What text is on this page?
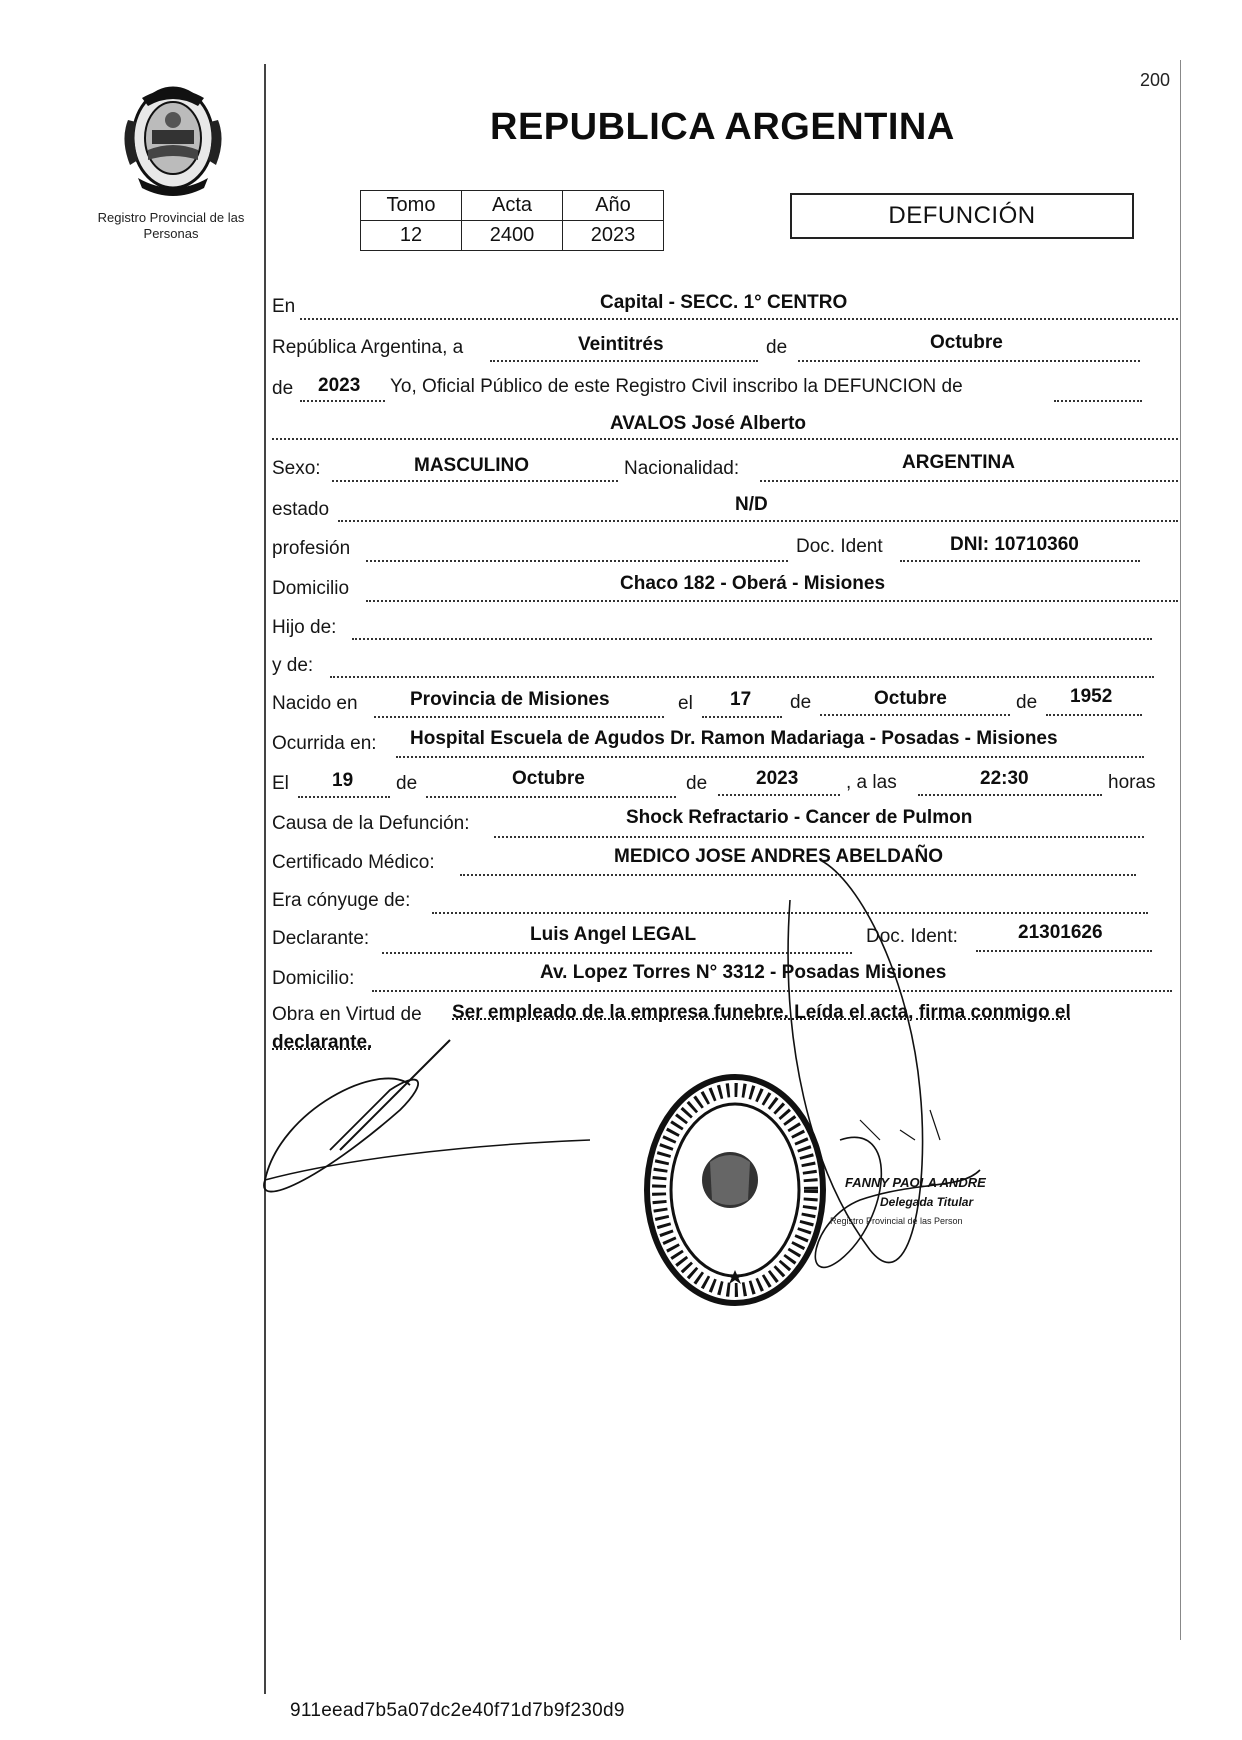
Registro Provincial de las Personas
200
REPUBLICA ARGENTINA
Tomo	Acta	Año
12	2400	2023
DEFUNCIÓN
En	Capital - SECC. 1° CENTRO
República Argentina, a	Veintitrés	de	Octubre
de 2023 Yo, Oficial Público de este Registro Civil inscribo la DEFUNCION de
AVALOS José Alberto
Sexo:	MASCULINO	Nacionalidad:	ARGENTINA
estado	N/D
profesión	Doc. Ident	DNI: 10710360
Domicilio	Chaco 182 - Oberá - Misiones
Hijo de:
y de:
Nacido en	Provincia de Misiones	el 17 de	Octubre	de 1952
Ocurrida en: Hospital Escuela de Agudos Dr. Ramon Madariaga - Posadas - Misiones
El 19 de	Octubre	de	2023	, a las	22:30	horas
Causa de la Defunción:	Shock Refractario - Cancer de Pulmon
Certificado Médico:	MEDICO JOSE ANDRES ABELDAÑO
Era cónyuge de:
Declarante:	Luis Angel LEGAL	Doc. Ident:	21301626
Domicilio:	Av. Lopez Torres N° 3312 - Posadas Misiones
Obra en Virtud de Ser empleado de la empresa funebre. Leída el acta, firma conmigo el
declarante.
FANNY PAOLA ANDRE
Delegada Titular
Registro Provincial de las Person
911eead7b5a07dc2e40f71d7b9f230d9
